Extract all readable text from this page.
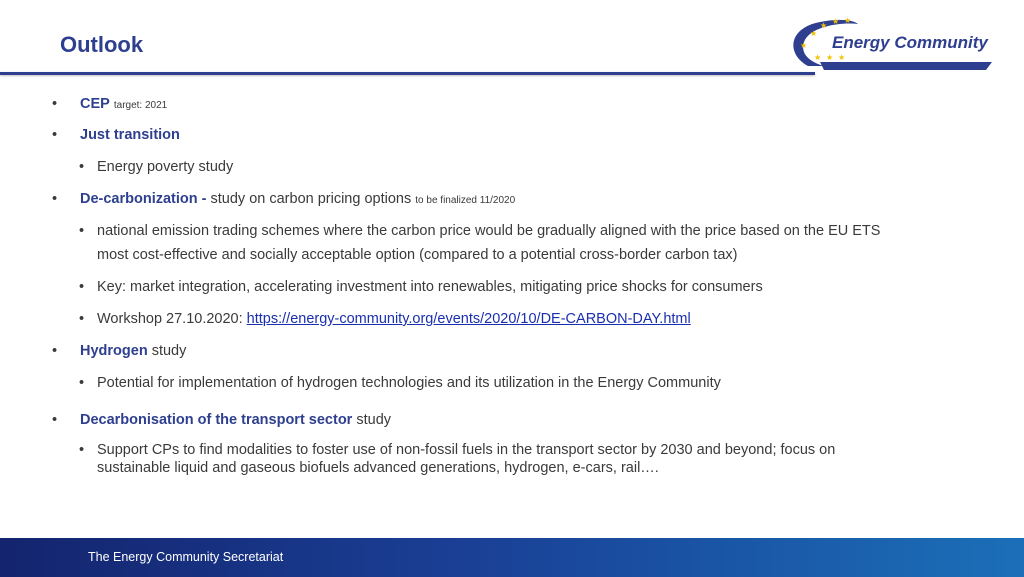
Outlook	Energy Community
★
★ ★ ★
★
★ ★ ★
• CEP target: 2021
• Just transition
• Energy poverty study
• De-carbonization - study on carbon pricing options to be finalized 11/2020
• national emission trading schemes where the carbon price would be gradually aligned with the price based on the EU ETS
most cost-effective and socially acceptable option (compared to a potential cross-border carbon tax)
• Key: market integration, accelerating investment into renewables, mitigating price shocks for consumers
• Workshop 27.10.2020: https://energy-community.org/events/2020/10/DE-CARBON-DAY.html
• Hydrogen study
• Potential for implementation of hydrogen technologies and its utilization in the Energy Community
• Decarbonisation of the transport sector study
• Support CPs to find modalities to foster use of non-fossil fuels in the transport sector by 2030 and beyond; focus on
sustainable liquid and gaseous biofuels advanced generations, hydrogen, e-cars, rail….
The Energy Community Secretariat
